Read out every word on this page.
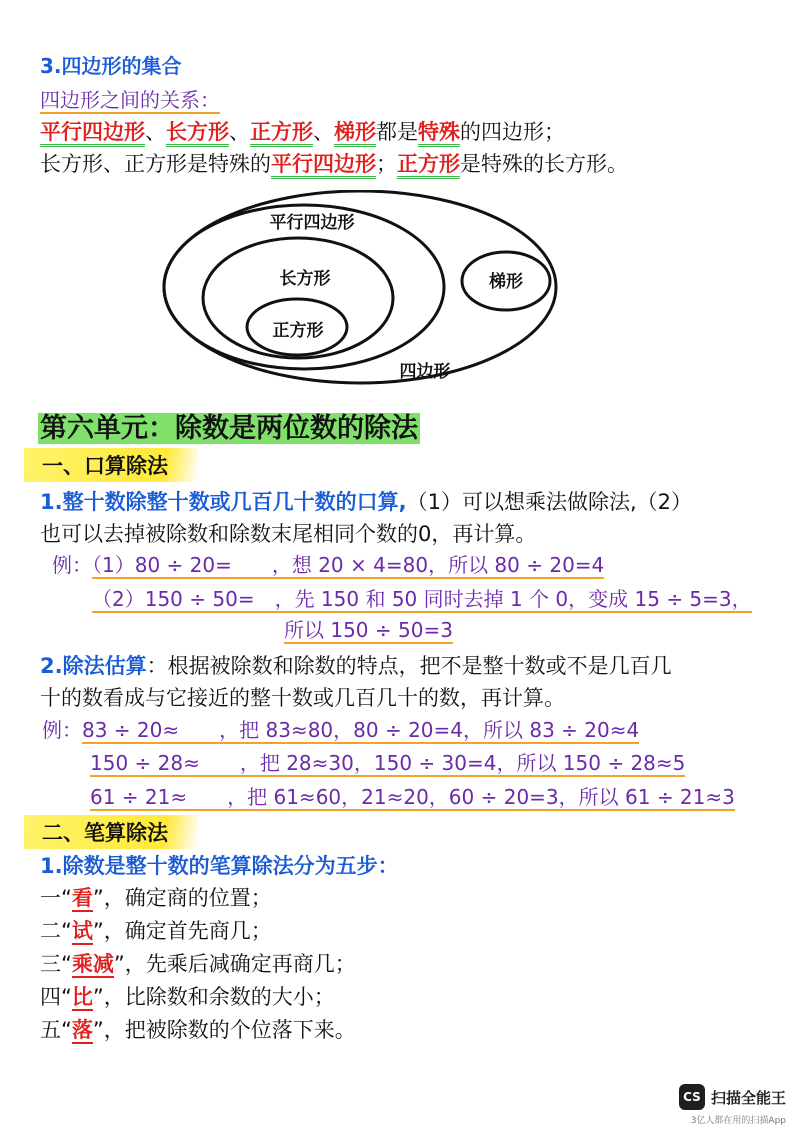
3.四边形的集合
四边形之间的关系：
平行四边形、长方形、正方形、梯形都是特殊的四边形；
长方形、正方形是特殊的平行四边形；正方形是特殊的长方形。
平行四边形
长方形
正方形
梯形
四边形
第六单元：除数是两位数的除法
一、口算除法
1.整十数除整十数或几百几十数的口算,（1）可以想乘法做除法,（2）
也可以去掉被除数和除数末尾相同个数的0，再计算。
例：（1）80 ÷ 20=　　，想 20 × 4=80，所以 80 ÷ 20=4
（2）150 ÷ 50=　，先 150 和 50 同时去掉 1 个 0，变成 15 ÷ 5=3，
所以 150 ÷ 50=3
2.除法估算：根据被除数和除数的特点，把不是整十数或不是几百几
十的数看成与它接近的整十数或几百几十的数，再计算。
例：83 ÷ 20≈　　，把 83≈80，80 ÷ 20=4，所以 83 ÷ 20≈4
150 ÷ 28≈　　，把 28≈30，150 ÷ 30=4，所以 150 ÷ 28≈5
61 ÷ 21≈　　，把 61≈60，21≈20，60 ÷ 20=3，所以 61 ÷ 21≈3
二、笔算除法
1.除数是整十数的笔算除法分为五步：
一“看”，确定商的位置；
二“试”，确定首先商几；
三“乘减”，先乘后减确定再商几；
四“比”，比除数和余数的大小；
五“落”，把被除数的个位落下来。
CS 扫描全能王
3亿人都在用的扫描App
